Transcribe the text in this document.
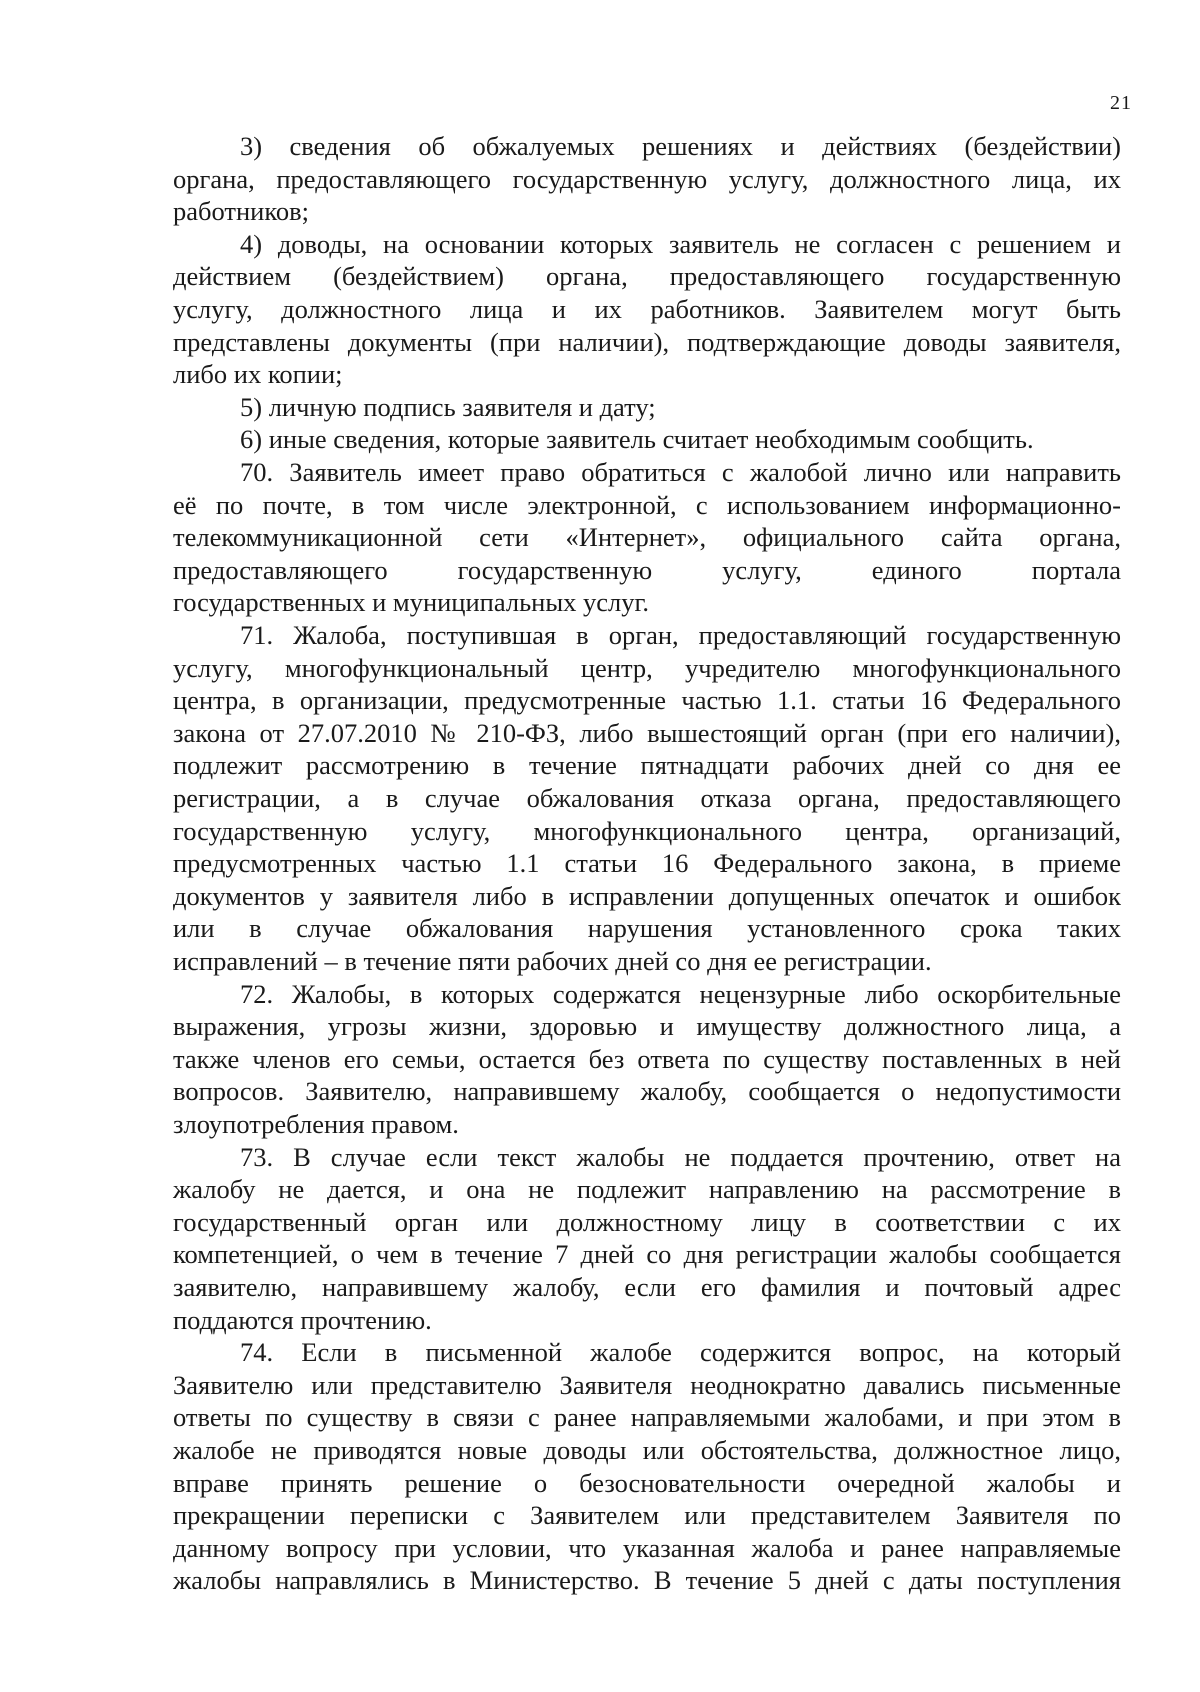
21
3) сведения об обжалуемых решениях и действиях (бездействии)
органа, предоставляющего государственную услугу, должностного лица, их
работников;
4) доводы, на основании которых заявитель не согласен с решением и
действием (бездействием) органа, предоставляющего государственную
услугу, должностного лица и их работников. Заявителем могут быть
представлены документы (при наличии), подтверждающие доводы заявителя,
либо их копии;
5) личную подпись заявителя и дату;
6) иные сведения, которые заявитель считает необходимым сообщить.
70. Заявитель имеет право обратиться с жалобой лично или направить
её по почте, в том числе электронной, с использованием информационно-
телекоммуникационной сети «Интернет», официального сайта органа,
предоставляющего государственную услугу, единого портала
государственных и муниципальных услуг.
71. Жалоба, поступившая в орган, предоставляющий государственную
услугу, многофункциональный центр, учредителю многофункционального
центра, в организации, предусмотренные частью 1.1. статьи 16 Федерального
закона от 27.07.2010 № 210-ФЗ, либо вышестоящий орган (при его наличии),
подлежит рассмотрению в течение пятнадцати рабочих дней со дня ее
регистрации, а в случае обжалования отказа органа, предоставляющего
государственную услугу, многофункционального центра, организаций,
предусмотренных частью 1.1 статьи 16 Федерального закона, в приеме
документов у заявителя либо в исправлении допущенных опечаток и ошибок
или в случае обжалования нарушения установленного срока таких
исправлений – в течение пяти рабочих дней со дня ее регистрации.
72. Жалобы, в которых содержатся нецензурные либо оскорбительные
выражения, угрозы жизни, здоровью и имуществу должностного лица, а
также членов его семьи, остается без ответа по существу поставленных в ней
вопросов. Заявителю, направившему жалобу, сообщается о недопустимости
злоупотребления правом.
73. В случае если текст жалобы не поддается прочтению, ответ на
жалобу не дается, и она не подлежит направлению на рассмотрение в
государственный орган или должностному лицу в соответствии с их
компетенцией, о чем в течение 7 дней со дня регистрации жалобы сообщается
заявителю, направившему жалобу, если его фамилия и почтовый адрес
поддаются прочтению.
74. Если в письменной жалобе содержится вопрос, на который
Заявителю или представителю Заявителя неоднократно давались письменные
ответы по существу в связи с ранее направляемыми жалобами, и при этом в
жалобе не приводятся новые доводы или обстоятельства, должностное лицо,
вправе принять решение о безосновательности очередной жалобы и
прекращении переписки с Заявителем или представителем Заявителя по
данному вопросу при условии, что указанная жалоба и ранее направляемые
жалобы направлялись в Министерство. В течение 5 дней с даты поступления
